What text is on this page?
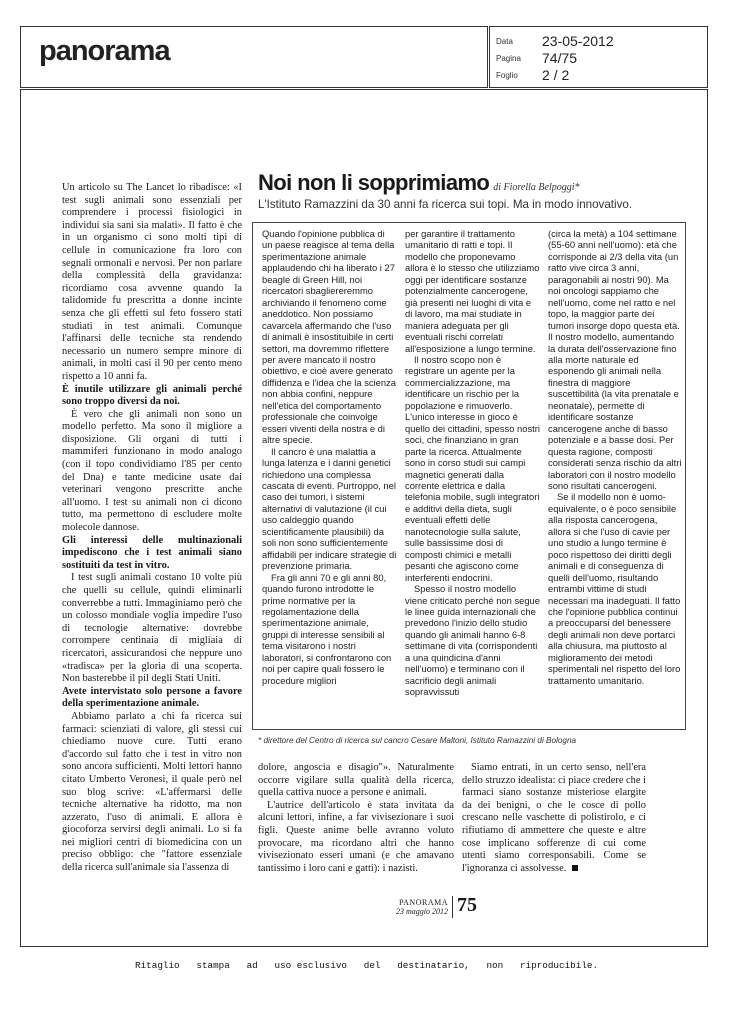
panorama	Data 23-05-2012
Pagina 74/75
Foglio 2 / 2

Un articolo su The Lancet lo ribadisce: «I test sugli animali sono essenziali per comprendere i processi fisiologici in individui sia sani sia malati». Il fatto è che in un organismo ci sono molti tipi di cellule in comunicazione fra loro con segnali ormonali e nervosi. Per non parlare della complessità della gravidanza: ricordiamo cosa avvenne quando la talidomide fu prescritta a donne incinte senza che gli effetti sul feto fossero stati studiati in test animali. Comunque l'affinarsi delle tecniche sta rendendo necessario un numero sempre minore di animali, in molti casi il 90 per cento meno rispetto a 10 anni fa.

È inutile utilizzare gli animali perché sono troppo diversi da noi.

È vero che gli animali non sono un modello perfetto. Ma sono il migliore a disposizione. Gli organi di tutti i mammiferi funzionano in modo analogo (con il topo condividiamo l'85 per cento del Dna) e tante medicine usate dai veterinari vengono prescritte anche all'uomo. I test su animali non ci dicono tutto, ma permettono di escludere molte molecole dannose.

Gli interessi delle multinazionali impediscono che i test animali siano sostituiti da test in vitro.

I test sugli animali costano 10 volte più che quelli su cellule, quindi eliminarli converrebbe a tutti. Immaginiamo però che un colosso mondiale voglia impedire l'uso di tecnologie alternative: dovrebbe corrompere centinaia di migliaia di ricercatori, assicurandosi che neppure uno «tradisca» per la gloria di una scoperta. Non basterebbe il pil degli Stati Uniti.

Avete intervistato solo persone a favore della sperimentazione animale.

Abbiamo parlato a chi fa ricerca sui farmaci: scienziati di valore, gli stessi cui chiediamo nuove cure. Tutti erano d'accordo sul fatto che i test in vitro non sono ancora sufficienti. Molti lettori hanno citato Umberto Veronesi, il quale però nel suo blog scrive: «L'affermarsi delle tecniche alternative ha ridotto, ma non azzerato, l'uso di animali. E allora è giocoforza servirsi degli animali. Lo si fa nei migliori centri di biomedicina con un preciso obbligo: che "fattore essenziale della ricerca sull'animale sia l'assenza di

Noi non li sopprimiamo di Fiorella Belpoggi*
L'Istituto Ramazzini da 30 anni fa ricerca sui topi. Ma in modo innovativo.

Quando l'opinione pubblica di un paese reagisce al tema della sperimentazione animale applaudendo chi ha liberato i 27 beagle di Green Hill, noi ricercatori sbagliereremmo archiviando il fenomeno come aneddotico. Non possiamo cavarcela affermando che l'uso di animali è insostituibile in certi settori, ma dovremmo riflettere per avere mancato il nostro obiettivo, e cioè avere generato diffidenza e l'idea che la scienza non abbia confini, neppure nell'etica del comportamento professionale che coinvolge esseri viventi della nostra e di altre specie.

Il cancro è una malattia a lunga latenza e i danni genetici richiedono una complessa cascata di eventi. Purtroppo, nel caso dei tumori, i sistemi alternativi di valutazione (il cui uso caldeggio quando scientificamente plausibili) da soli non sono sufficientemente affidabili per indicare strategie di prevenzione primaria.

Fra gli anni 70 e gli anni 80, quando furono introdotte le prime normative per la regolamentazione della sperimentazione animale, gruppi di interesse sensibili al tema visitarono i nostri laboratori, si confrontarono con noi per capire quali fossero le procedure migliori

per garantire il trattamento umanitario di ratti e topi. Il modello che proponevamo allora è lo stesso che utilizziamo oggi per identificare sostanze potenzialmente cancerogene, già presenti nei luoghi di vita e di lavoro, ma mai studiate in maniera adeguata per gli eventuali rischi correlati all'esposizione a lungo termine.

Il nostro scopo non è registrare un agente per la commercializzazione, ma identificare un rischio per la popolazione e rimuoverlo. L'unico interesse in gioco è quello dei cittadini, spesso nostri soci, che finanziano in gran parte la ricerca. Attualmente sono in corso studi sui campi magnetici generati dalla corrente elettrica e dalla telefonia mobile, sugli integratori e additivi della dieta, sugli eventuali effetti delle nanotecnologie sulla salute, sulle bassissime dosi di composti chimici e metalli pesanti che agiscono come interferenti endocrini.

Spesso il nostro modello viene criticato perché non segue le linee guida internazionali che prevedono l'inizio dello studio quando gli animali hanno 6-8 settimane di vita (corrispondenti a una quindicina d'anni nell'uomo) e terminano con il sacrificio degli animali sopravvissuti

(circa la metà) a 104 settimane (55-60 anni nell'uomo): età che corrisponde ai 2/3 della vita (un ratto vive circa 3 anni, paragonabili ai nostri 90). Ma noi oncologi sappiamo che nell'uomo, come nel ratto e nel topo, la maggior parte dei tumori insorge dopo questa età. Il nostro modello, aumentando la durata dell'osservazione fino alla morte naturale ed esponendo gli animali nella finestra di maggiore suscettibilità (la vita prenatale e neonatale), permette di identificare sostanze cancerogene anche di basso potenziale e a basse dosi. Per questa ragione, composti considerati senza rischio da altri laboratori con il nostro modello sono risultati cancerogeni.

Se il modello non è uomo-equivalente, o è poco sensibile alla risposta cancerogena, allora si che l'uso di cavie per uno studio a lungo termine è poco rispettoso dei diritti degli animali e di conseguenza di quelli dell'uomo, risultando entrambi vittime di studi necessari ma inadeguati. Il fatto che l'opinione pubblica continui a preoccuparsi del benessere degli animali non deve portarci alla chiusura, ma piuttosto al miglioramento dei metodi sperimentali nel rispetto del loro trattamento umanitario.

* direttore del Centro di ricerca sul cancro Cesare Maltoni, Istituto Ramazzini di Bologna

dolore, angoscia e disagio"». Naturalmente occorre vigilare sulla qualità della ricerca, quella cattiva nuoce a persone e animali.

L'autrice dell'articolo è stata invitata da alcuni lettori, infine, a far vivisezionare i suoi figli. Queste anime belle avranno voluto provocare, ma ricordano altri che hanno vivisezionato esseri umani (e che amavano tantissimo i loro cani e gatti): i nazisti.

Siamo entrati, in un certo senso, nell'era dello struzzo idealista: ci piace credere che i farmaci siano sostanze misteriose elargite da dei benigni, o che le cosce di pollo crescano nelle vaschette di polistirolo, e ci rifiutiamo di ammettere che queste e altre cose implicano sofferenze di cui come utenti siamo corresponsabili. Come se l'ignoranza ci assolvesse.

PANORAMA
23 maggio 2012 75
Ritaglio   stampa   ad   uso esclusivo   del   destinatario,   non   riproducibile.
